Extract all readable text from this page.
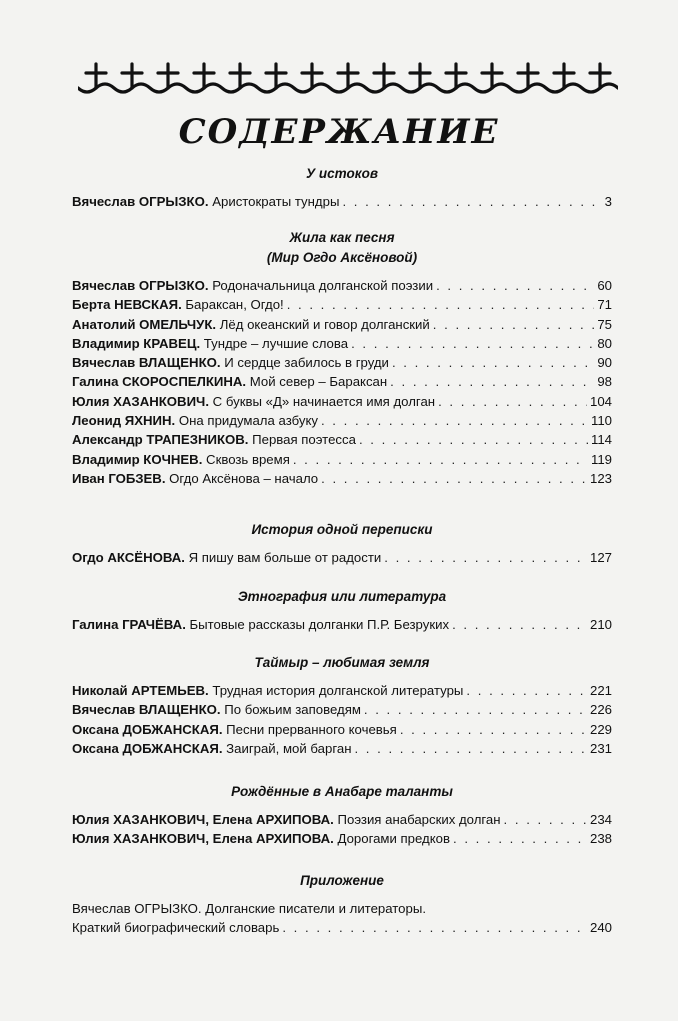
СОДЕРЖАНИЕ
У истоков
Вячеслав ОГРЫЗКО. Аристократы тундры . . .	3
Жила как песня
(Мир Огдо Аксёновой)
Вячеслав ОГРЫЗКО. Родоначальница долганской поэзии . . .	60
Берта НЕВСКАЯ. Бараксан, Огдо! . . .	71
Анатолий ОМЕЛЬЧУК. Лёд океанский и говор долганский . . .	75
Владимир КРАВЕЦ. Тундре – лучшие слова . . .	80
Вячеслав ВЛАЩЕНКО. И сердце забилось в груди . . .	90
Галина СКОРОСПЕЛКИНА. Мой север – Бараксан . . .	98
Юлия ХАЗАНКОВИЧ. С буквы «Д» начинается имя долган . . .	104
Леонид ЯХНИН. Она придумала азбуку . . .	110
Александр ТРАПЕЗНИКОВ. Первая поэтесса . . .	114
Владимир КОЧНЕВ. Сквозь время . . .	119
Иван ГОБЗЕВ. Огдо Аксёнова – начало . . .	123
История одной переписки
Огдо АКСЁНОВА. Я пишу вам больше от радости . . .	127
Этнография или литература
Галина ГРАЧЁВА. Бытовые рассказы долганки П.Р. Безруких . . .	210
Таймыр – любимая земля
Николай АРТЕМЬЕВ. Трудная история долганской литературы . . .	221
Вячеслав ВЛАЩЕНКО. По божьим заповедям . . .	226
Оксана ДОБЖАНСКАЯ. Песни прерванного кочевья . . .	229
Оксана ДОБЖАНСКАЯ. Заиграй, мой барган . . .	231
Рождённые в Анабаре таланты
Юлия ХАЗАНКОВИЧ, Елена АРХИПОВА. Поэзия анабарских долган . . .	234
Юлия ХАЗАНКОВИЧ, Елена АРХИПОВА. Дорогами предков . . .	238
Приложение
Вячеслав ОГРЫЗКО. Долганские писатели и литераторы.
Краткий биографический словарь . . .	240
